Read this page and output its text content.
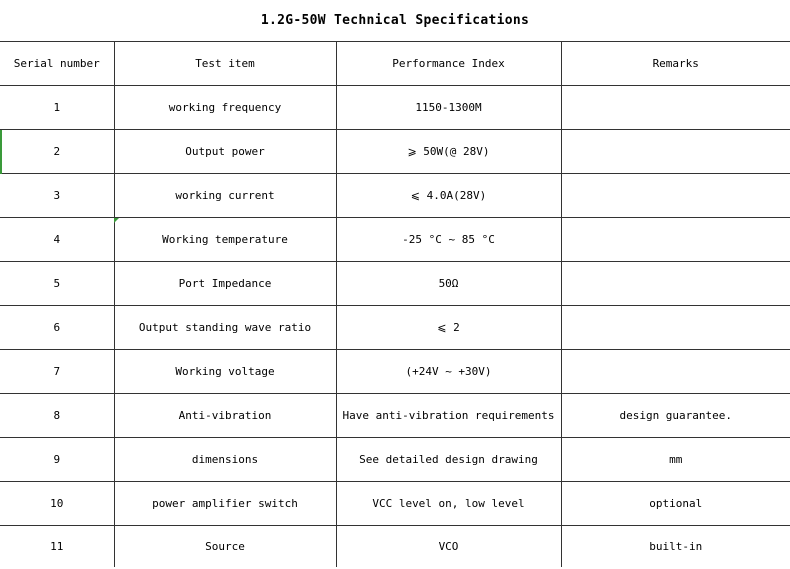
1.2G-50W Technical Specifications
Serial number	Test item	Performance Index	Remarks
1	working frequency	1150-1300M	
2	Output power	⩾ 50W(@ 28V)	
3	working current	⩽ 4.0A(28V)	
4	Working temperature	-25 °C ~ 85 °C	
5	Port Impedance	50Ω	
6	Output standing wave ratio	⩽ 2	
7	Working voltage	(+24V ~ +30V)	
8	Anti-vibration	Have anti-vibration requirements	design guarantee.
9	dimensions	See detailed design drawing	mm
10	power amplifier switch	VCC level on, low level	optional
11	Source	VCO	built-in
